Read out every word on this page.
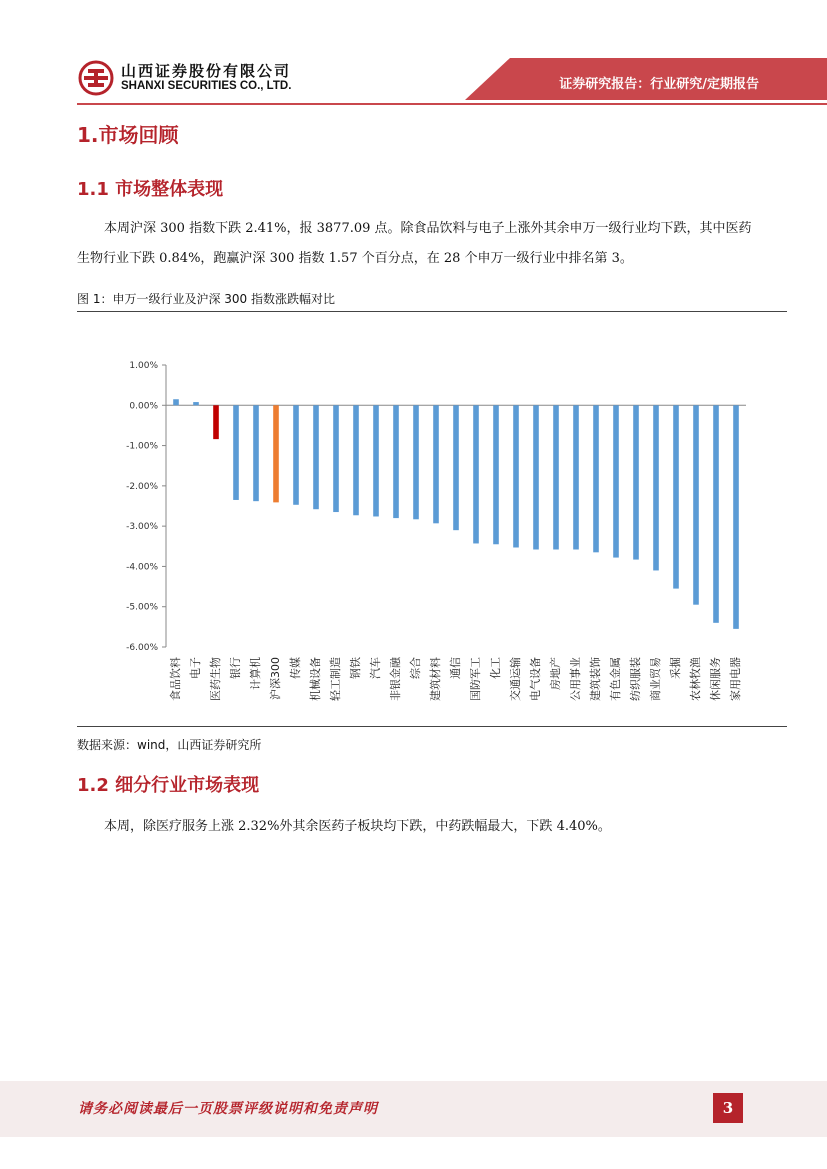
山西证券股份有限公司
SHANXI SECURITIES CO., LTD.	证券研究报告：行业研究/定期报告
1.市场回顾
1.1 市场整体表现
本周沪深 300 指数下跌 2.41%，报 3877.09 点。除食品饮料与电子上涨外其余申万一级行业均下跌，其中医药生物行业下跌 0.84%，跑赢沪深 300 指数 1.57 个百分点，在 28 个申万一级行业中排名第 3。
图 1：申万一级行业及沪深 300 指数涨跌幅对比
1.00%
0.00%
-1.00%
-2.00%
-3.00%
-4.00%
-5.00%
-6.00%
食品饮料 电子 医药生物 银行 计算机 沪深300 传媒 机械设备 轻工制造 钢铁 汽车 非银金融 综合 建筑材料 通信 国防军工 化工 交通运输 电气设备 房地产 公用事业 建筑装饰 有色金属 纺织服装 商业贸易 采掘 农林牧渔 休闲服务 家用电器
数据来源：wind，山西证券研究所
1.2 细分行业市场表现
本周，除医疗服务上涨 2.32%外其余医药子板块均下跌，中药跌幅最大，下跌 4.40%。
请务必阅读最后一页股票评级说明和免责声明	3
